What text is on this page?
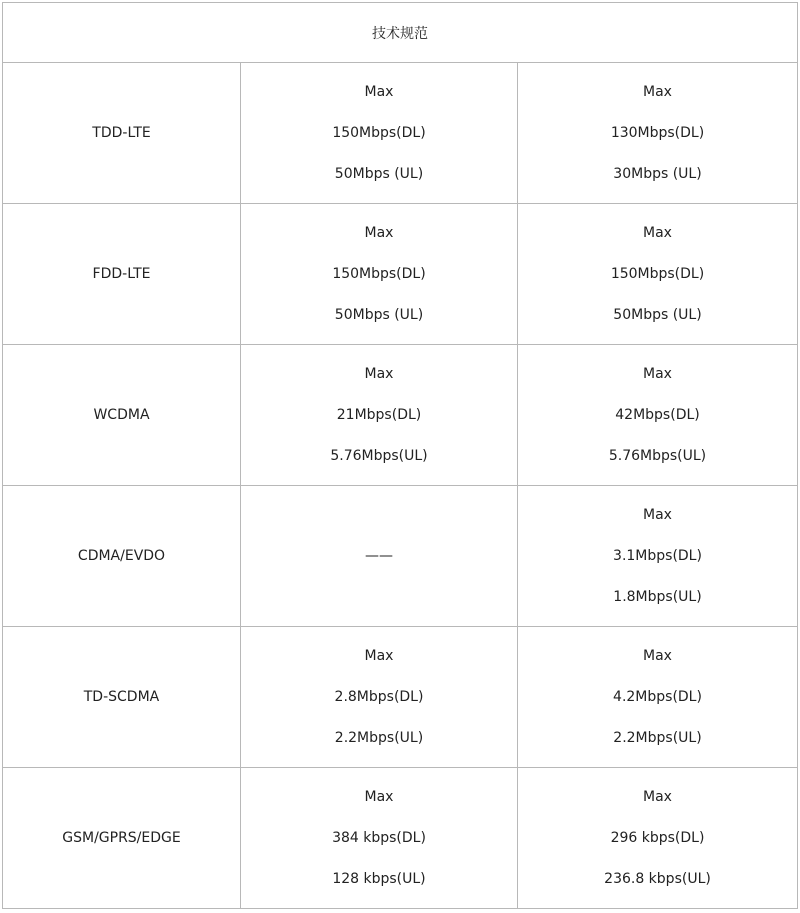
技术规范		
TDD-LTE	Max
150Mbps(DL)
50Mbps (UL)	Max
130Mbps(DL)
30Mbps (UL)

FDD-LTE	Max
150Mbps(DL)
50Mbps (UL)	Max
150Mbps(DL)
50Mbps (UL)

WCDMA	Max
21Mbps(DL)
5.76Mbps(UL)	Max
42Mbps(DL)
5.76Mbps(UL)

CDMA/EVDO	——	Max
3.1Mbps(DL)
1.8Mbps(UL)

TD-SCDMA	Max
2.8Mbps(DL)
2.2Mbps(UL)	Max
4.2Mbps(DL)
2.2Mbps(UL)

GSM/GPRS/EDGE	Max
384 kbps(DL)
128 kbps(UL)	Max
296 kbps(DL)
236.8 kbps(UL)
